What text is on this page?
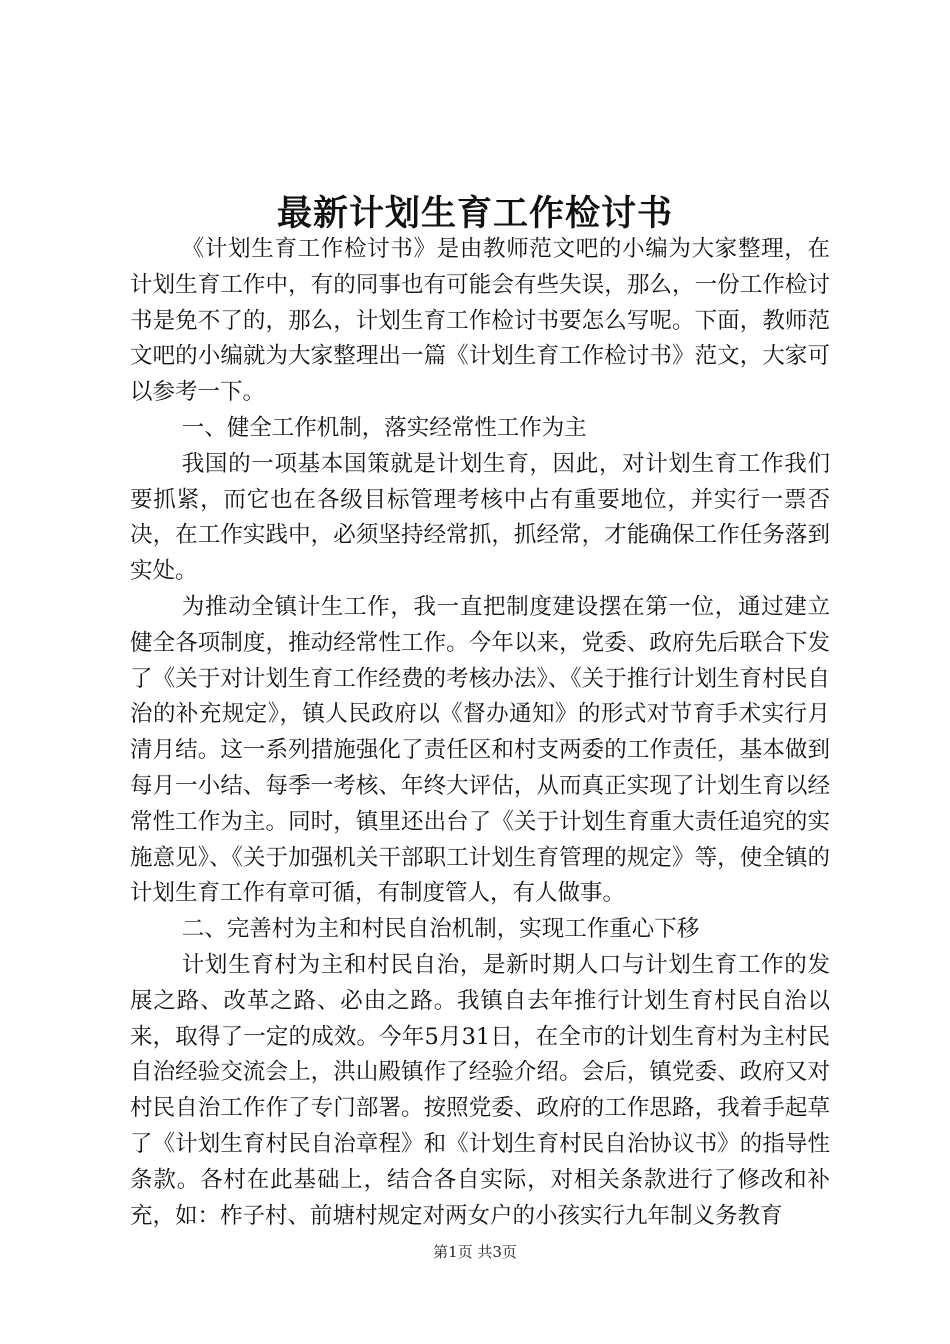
最新计划生育工作检讨书

《计划生育工作检讨书》是由教师范文吧的小编为大家整理，在计划生育工作中，有的同事也有可能会有些失误，那么，一份工作检讨书是免不了的，那么，计划生育工作检讨书要怎么写呢。下面，教师范文吧的小编就为大家整理出一篇《计划生育工作检讨书》范文，大家可以参考一下。

一、健全工作机制，落实经常性工作为主

我国的一项基本国策就是计划生育，因此，对计划生育工作我们要抓紧，而它也在各级目标管理考核中占有重要地位，并实行一票否决，在工作实践中，必须坚持经常抓，抓经常，才能确保工作任务落到实处。

为推动全镇计生工作，我一直把制度建设摆在第一位，通过建立健全各项制度，推动经常性工作。今年以来，党委、政府先后联合下发了《关于对计划生育工作经费的考核办法》、《关于推行计划生育村民自治的补充规定》，镇人民政府以《督办通知》的形式对节育手术实行月清月结。这一系列措施强化了责任区和村支两委的工作责任，基本做到每月一小结、每季一考核、年终大评估，从而真正实现了计划生育以经常性工作为主。同时，镇里还出台了《关于计划生育重大责任追究的实施意见》、《关于加强机关干部职工计划生育管理的规定》等，使全镇的计划生育工作有章可循，有制度管人，有人做事。

二、完善村为主和村民自治机制，实现工作重心下移

计划生育村为主和村民自治，是新时期人口与计划生育工作的发展之路、改革之路、必由之路。我镇自去年推行计划生育村民自治以来，取得了一定的成效。今年5月31日，在全市的计划生育村为主村民自治经验交流会上，洪山殿镇作了经验介绍。会后，镇党委、政府又对村民自治工作作了专门部署。按照党委、政府的工作思路，我着手起草了《计划生育村民自治章程》和《计划生育村民自治协议书》的指导性条款。各村在此基础上，结合各自实际，对相关条款进行了修改和补充，如：柞子村、前塘村规定对两女户的小孩实行九年制义务教育

第1页 共3页
